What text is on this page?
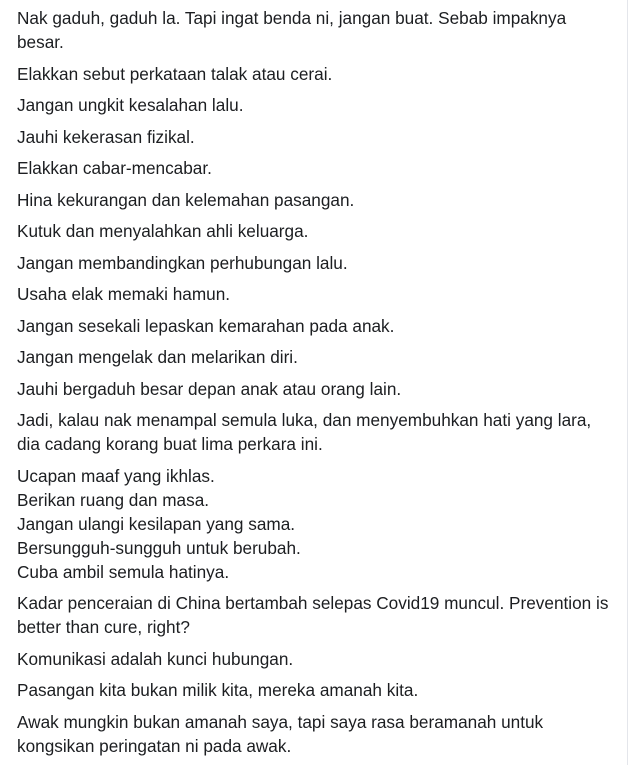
Nak gaduh, gaduh la. Tapi ingat benda ni, jangan buat. Sebab impaknya besar.

Elakkan sebut perkataan talak atau cerai.

Jangan ungkit kesalahan lalu.

Jauhi kekerasan fizikal.

Elakkan cabar-mencabar.

Hina kekurangan dan kelemahan pasangan.

Kutuk dan menyalahkan ahli keluarga.

Jangan membandingkan perhubungan lalu.

Usaha elak memaki hamun.

Jangan sesekali lepaskan kemarahan pada anak.

Jangan mengelak dan melarikan diri.

Jauhi bergaduh besar depan anak atau orang lain.

Jadi, kalau nak menampal semula luka, dan menyembuhkan hati yang lara, dia cadang korang buat lima perkara ini.

Ucapan maaf yang ikhlas.
Berikan ruang dan masa.
Jangan ulangi kesilapan yang sama.
Bersungguh-sungguh untuk berubah.
Cuba ambil semula hatinya.

Kadar penceraian di China bertambah selepas Covid19 muncul. Prevention is better than cure, right?

Komunikasi adalah kunci hubungan.

Pasangan kita bukan milik kita, mereka amanah kita.

Awak mungkin bukan amanah saya, tapi saya rasa beramanah untuk kongsikan peringatan ni pada awak.
